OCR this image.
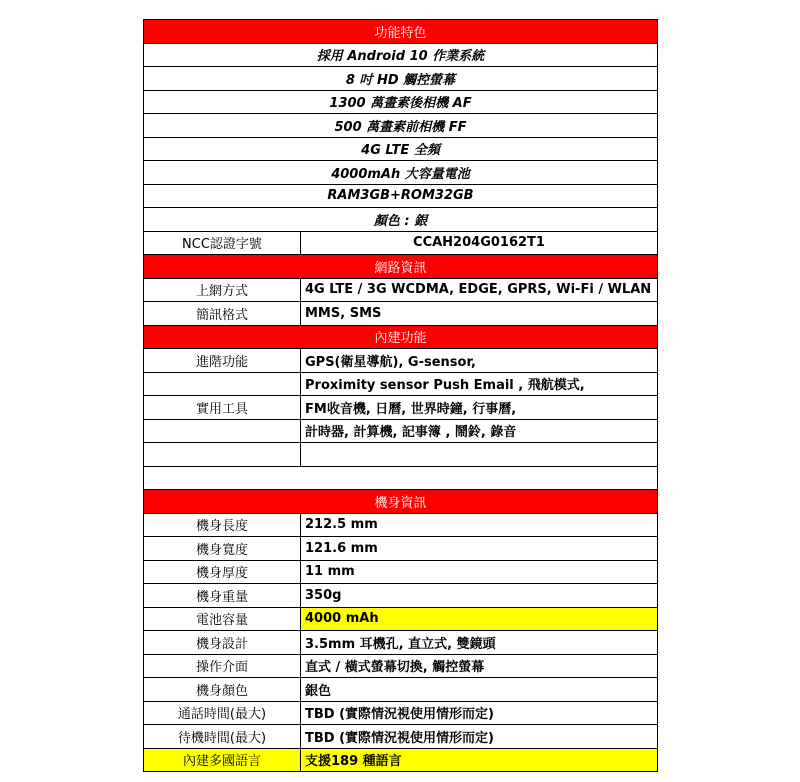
功能特色
採用 Android 10 作業系統
8 吋 HD 觸控螢幕
1300 萬畫素後相機 AF
500 萬畫素前相機 FF
4G LTE 全頻
4000mAh 大容量電池
RAM3GB+ROM32GB
顏色 : 銀
NCC認證字號	CCAH204G0162T1
網路資訊
上網方式	4G LTE / 3G WCDMA, EDGE, GPRS, Wi-Fi / WLAN
簡訊格式	MMS, SMS
內建功能
進階功能	GPS(衛星導航), G-sensor,
Proximity sensor Push Email , 飛航模式,
實用工具	FM收音機, 日曆, 世界時鐘, 行事曆,
計時器, 計算機, 記事簿 , 鬧鈴, 錄音
機身資訊
機身長度	212.5 mm
機身寬度	121.6 mm
機身厚度	11 mm
機身重量	350g
電池容量	4000 mAh
機身設計	3.5mm 耳機孔, 直立式, 雙鏡頭
操作介面	直式 / 橫式螢幕切換, 觸控螢幕
機身顏色	銀色
通話時間(最大)	TBD (實際情況視使用情形而定)
待機時間(最大)	TBD (實際情況視使用情形而定)
內建多國語言	支援189 種語言
